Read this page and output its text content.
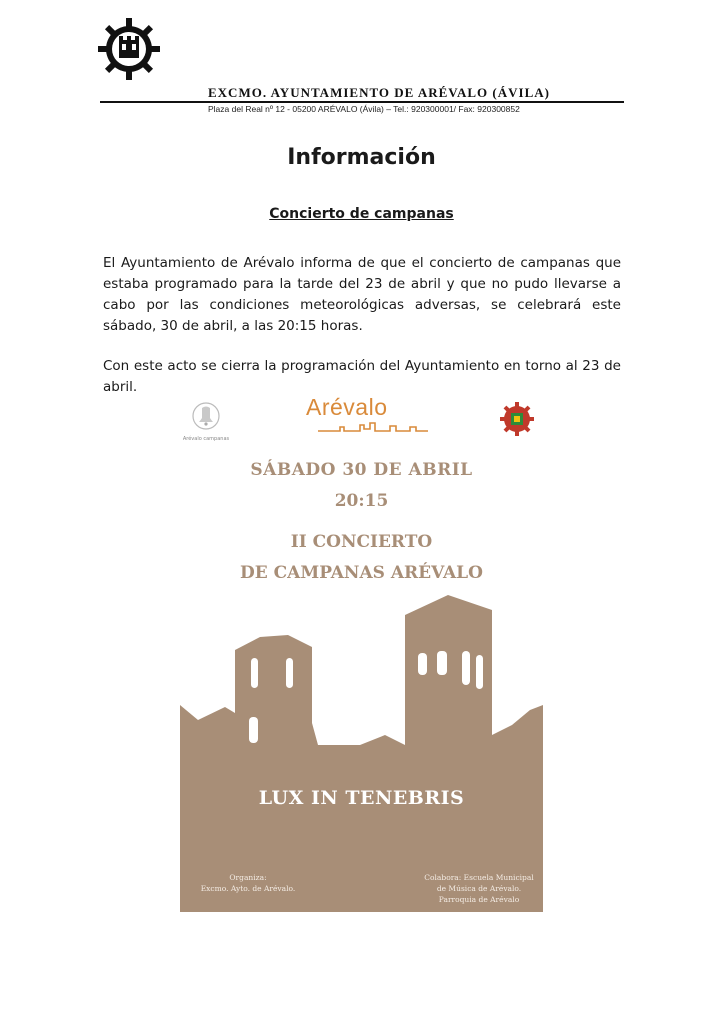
EXCMO. AYUNTAMIENTO DE ARÉVALO (ÁVILA)
Plaza del Real nº 12 - 05200 ARÉVALO (Ávila) – Tel.: 920300001/ Fax: 920300852
Información
Concierto de campanas
El Ayuntamiento de Arévalo informa de que el concierto de campanas que estaba programado para la tarde del 23 de abril y que no pudo llevarse a cabo por las condiciones meteorológicas adversas, se celebrará este sábado, 30 de abril, a las 20:15 horas.
Con este acto se cierra la programación del Ayuntamiento en torno al 23 de abril.
Arévalo campanas
Arévalo
SÁBADO 30 DE ABRIL
20:15
II CONCIERTO
DE CAMPANAS ARÉVALO
LUX IN TENEBRIS
Organiza:
Excmo. Ayto. de Arévalo.
Colabora: Escuela Municipal
de Música de Arévalo.
Parroquia de Arévalo
